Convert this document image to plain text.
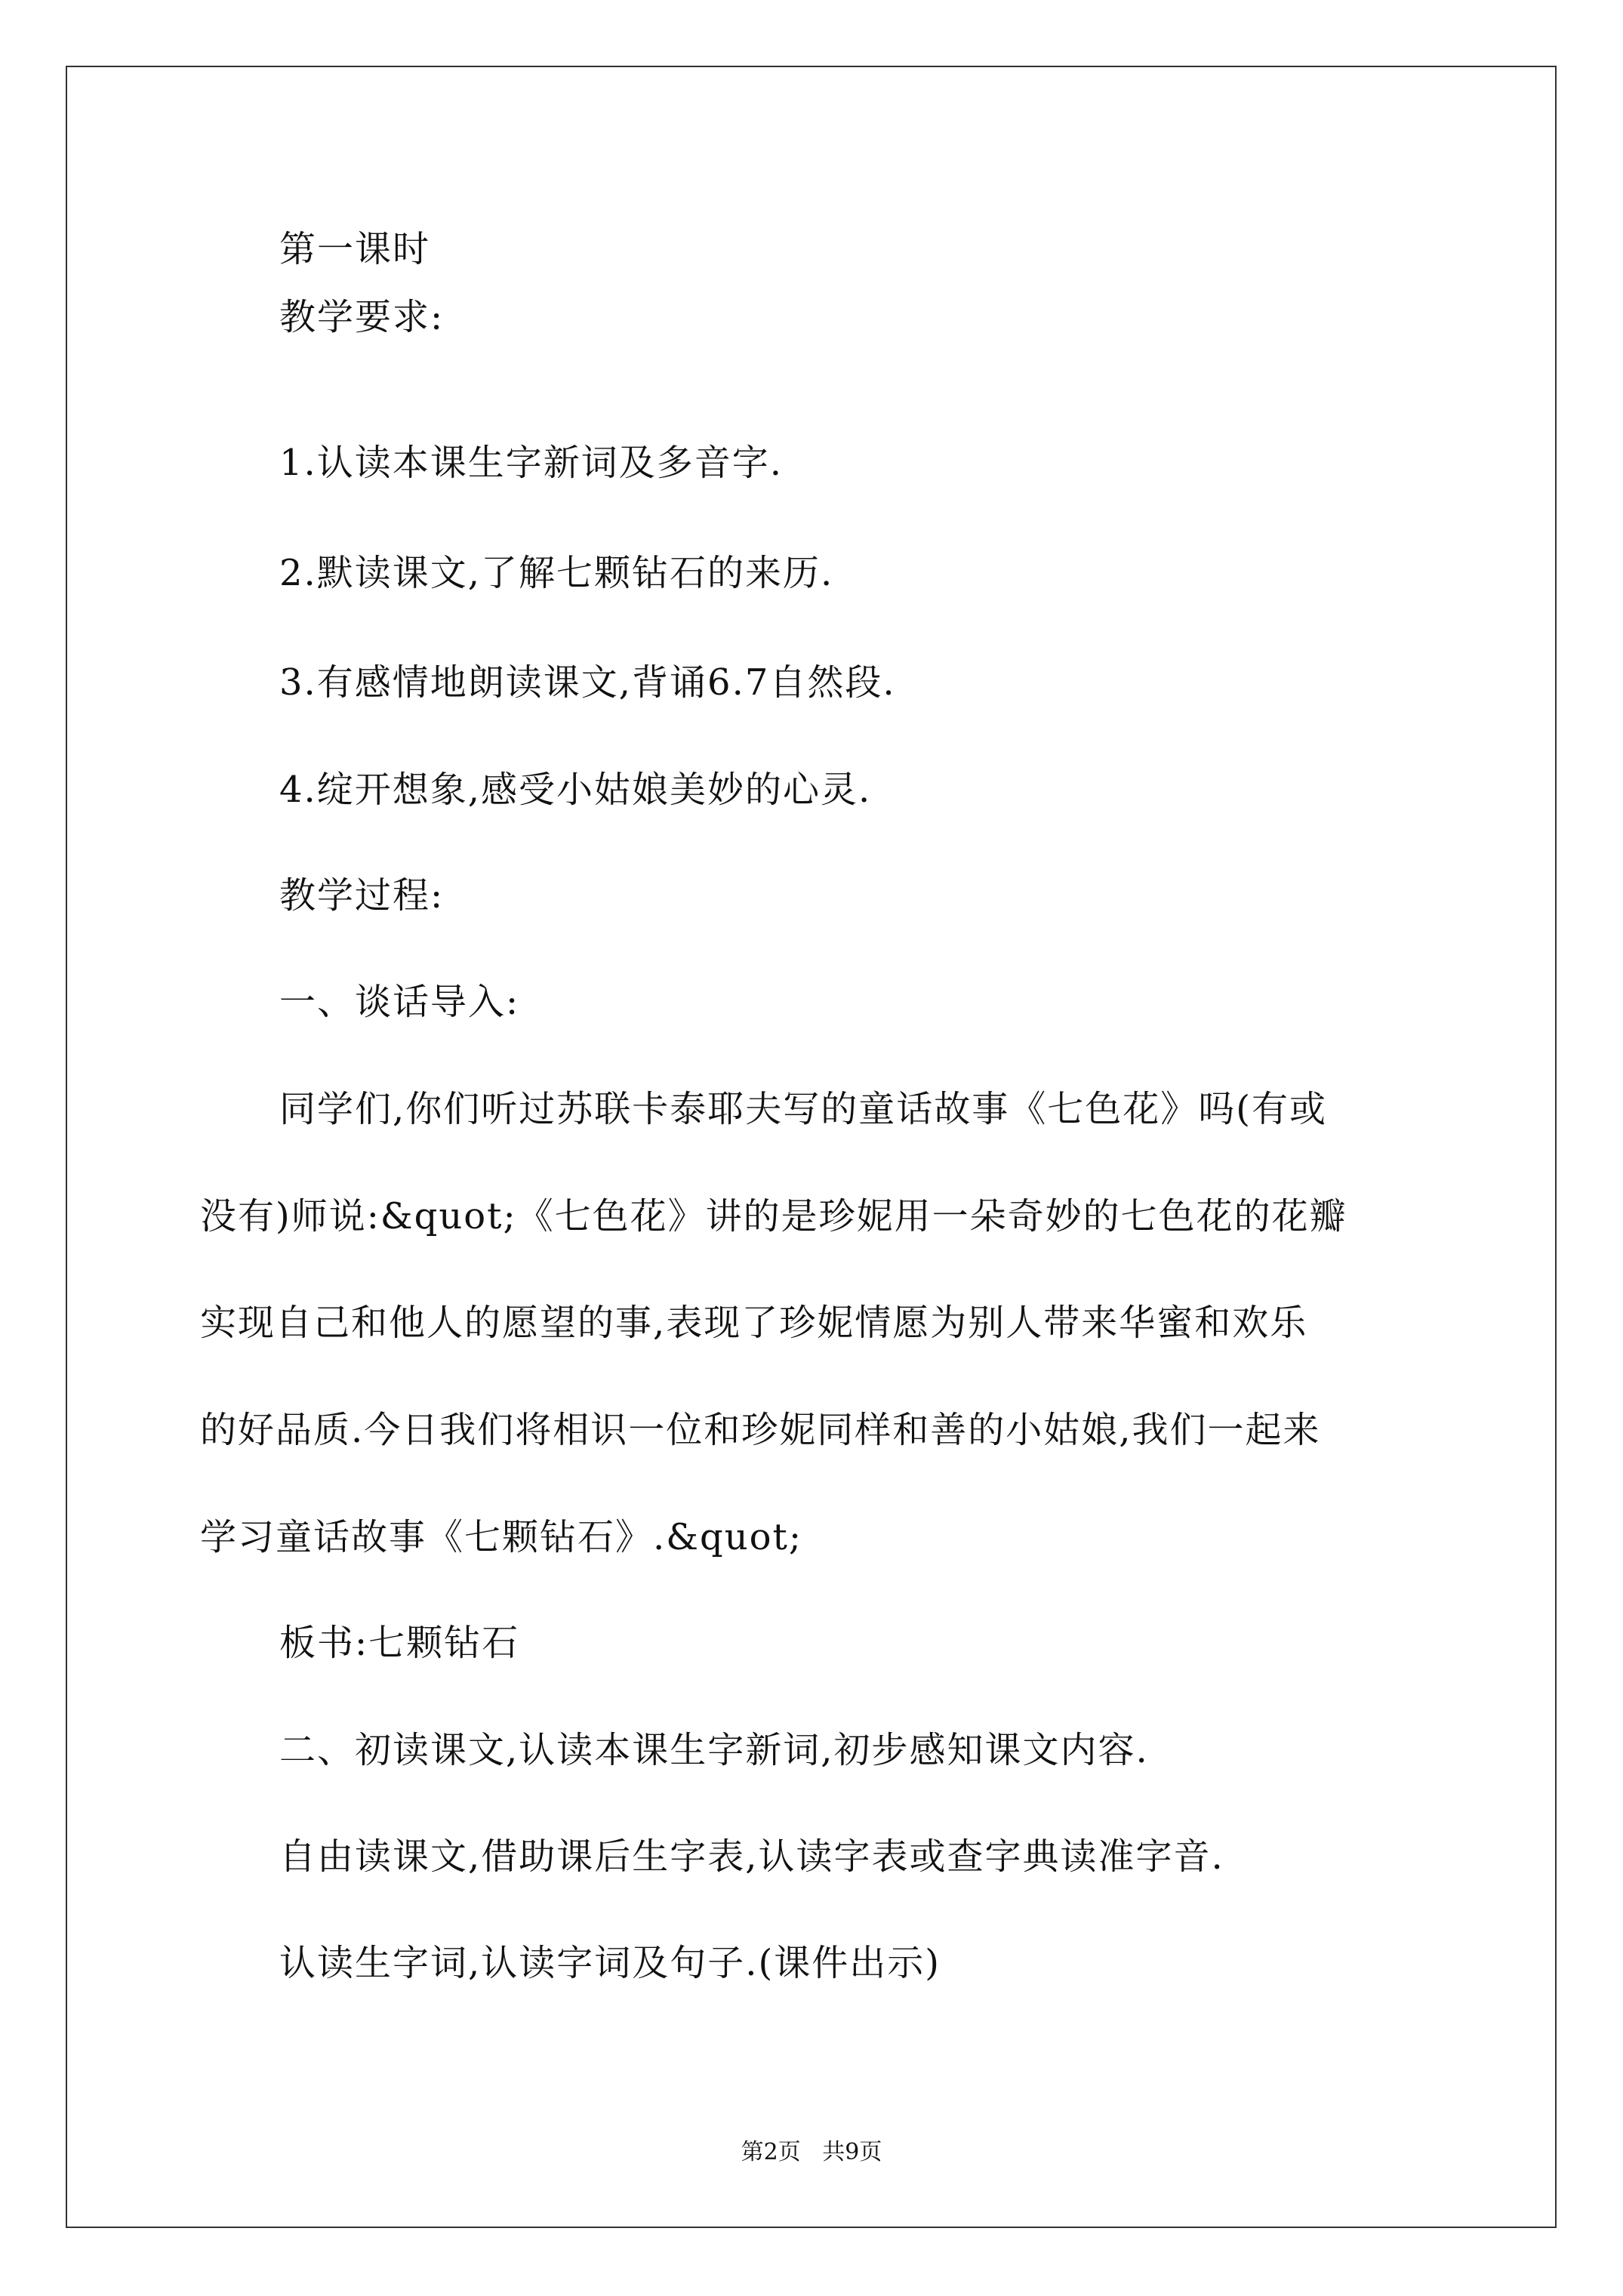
第一课时
教学要求:
1.认读本课生字新词及多音字.
2.默读课文,了解七颗钻石的来历.
3.有感情地朗读课文,背诵6.7自然段.
4.绽开想象,感受小姑娘美妙的心灵.
教学过程:
一、谈话导入:
同学们,你们听过苏联卡泰耶夫写的童话故事《七色花》吗(有或
没有)师说:&quot;《七色花》讲的是珍妮用一朵奇妙的七色花的花瓣
实现自己和他人的愿望的事,表现了珍妮情愿为别人带来华蜜和欢乐
的好品质.今日我们将相识一位和珍妮同样和善的小姑娘,我们一起来
学习童话故事《七颗钻石》.&quot;
板书:七颗钻石
二、初读课文,认读本课生字新词,初步感知课文内容.
自由读课文,借助课后生字表,认读字表或查字典读准字音.
认读生字词,认读字词及句子.(课件出示)
第2页   共9页
